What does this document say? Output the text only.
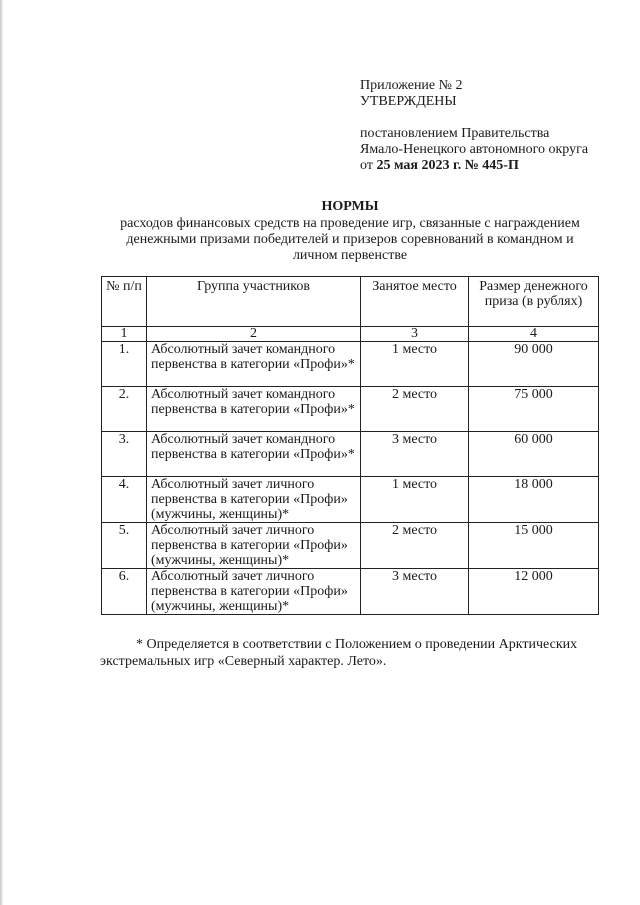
Приложение № 2
УТВЕРЖДЕНЫ
постановлением Правительства
Ямало-Ненецкого автономного округа
от 25 мая 2023 г. № 445-П
НОРМЫ
расходов финансовых средств на проведение игр, связанные с награждением
денежными призами победителей и призеров соревнований в командном и
личном первенстве
№ п/п	Группа участников	Занятое место	Размер денежного приза (в рублях)
1	2	3	4
1.	Абсолютный зачет командного первенства в категории «Профи»*	1 место	90 000
2.	Абсолютный зачет командного первенства в категории «Профи»*	2 место	75 000
3.	Абсолютный зачет командного первенства в категории «Профи»*	3 место	60 000
4.	Абсолютный зачет личного первенства в категории «Профи» (мужчины, женщины)*	1 место	18 000
5.	Абсолютный зачет личного первенства в категории «Профи» (мужчины, женщины)*	2 место	15 000
6.	Абсолютный зачет личного первенства в категории «Профи» (мужчины, женщины)*	3 место	12 000
* Определяется в соответствии с Положением о проведении Арктических экстремальных игр «Северный характер. Лето».
